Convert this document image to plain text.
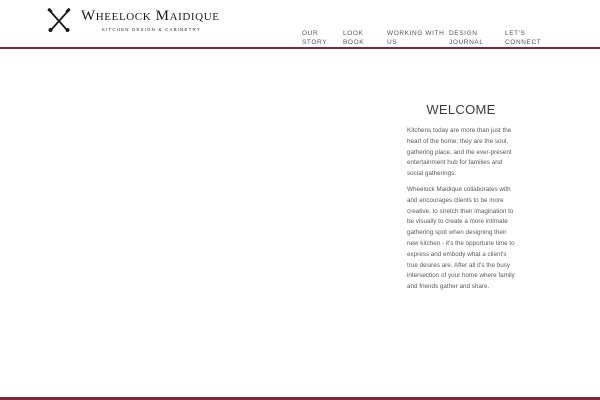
Wheelock Maidique
KITCHEN DESIGN & CABINETRY
OUR
STORY
LOOK
BOOK
WORKING WITH
US
DESIGN
JOURNAL
LET'S
CONNECT
WELCOME

Kitchens today are more than just the heart of the home; they are the soul, gathering place, and the ever-present entertainment hub for families and social gatherings.

Wheelock Maidique collaborates with and encourages clients to be more creative, to stretch their imagination to be visually to create a more intimate gathering spot when designing their new kitchen - it's the opportune time to express and embody what a client's true desires are. After all it's the busy intersection of your home where family and friends gather and share.
